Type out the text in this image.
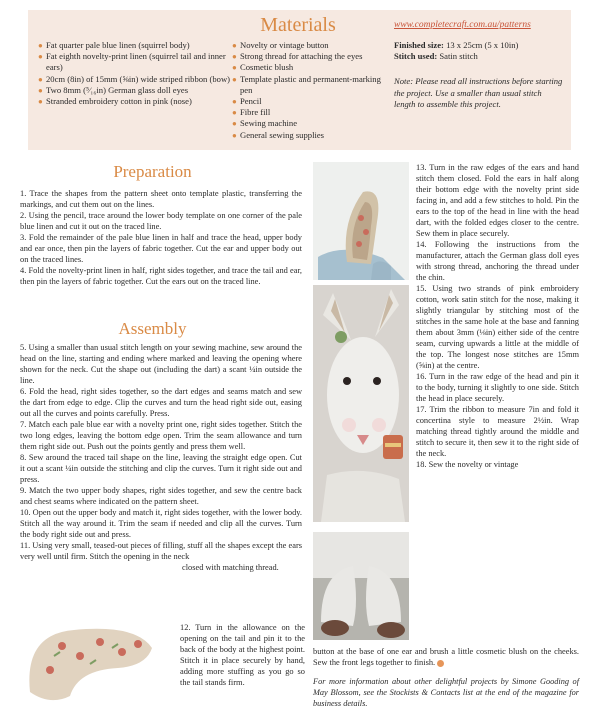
Materials	www.completecraft.com.au/patterns
● Fat quarter pale blue linen (squirrel body)
● Fat eighth novelty-print linen (squirrel tail and inner ears)
● 20cm (8in) of 15mm (⅝in) wide striped ribbon (bow)
● Two 8mm (⁵⁄₁₆in) German glass doll eyes
● Stranded embroidery cotton in pink (nose)
● Novelty or vintage button
● Strong thread for attaching the eyes
● Cosmetic blush
● Template plastic and permanent-marking pen
● Pencil
● Fibre fill
● Sewing machine
● General sewing supplies
Finished size: 13 x 25cm (5 x 10in)
Stitch used: Satin stitch
Note: Please read all instructions before starting the project. Use a smaller than usual stitch length to assemble this project.
Preparation
Assembly

1. Trace the shapes from the pattern sheet onto template plastic, transferring the markings, and cut them out on the lines.

2. Using the pencil, trace around the lower body template on one corner of the pale blue linen and cut it out on the traced line.

3. Fold the remainder of the pale blue linen in half and trace the head, upper body and ear once, then pin the layers of fabric together. Cut the ear and upper body out on the traced lines.

4. Fold the novelty-print linen in half, right sides together, and trace the tail and ear, then pin the layers of fabric together. Cut the ears out on the traced line.

5. Using a smaller than usual stitch length on your sewing machine, sew around the head on the line, starting and ending where marked and leaving the opening where shown for the neck. Cut the shape out (including the dart) a scant ¼in outside the line.

6. Fold the head, right sides together, so the dart edges and seams match and sew the dart from edge to edge. Clip the curves and turn the head right side out, easing out all the curves and points carefully. Press.

7. Match each pale blue ear with a novelty print one, right sides together. Stitch the two long edges, leaving the bottom edge open. Trim the seam allowance and turn them right side out. Push out the points gently and press them well.

8. Sew around the traced tail shape on the line, leaving the straight edge open. Cut it out a scant ¼in outside the stitching and clip the curves. Turn it right side out and press.

9. Match the two upper body shapes, right sides together, and sew the centre back and chest seams where indicated on the pattern sheet.

10. Open out the upper body and match it, right sides together, with the lower body. Stitch all the way around it. Trim the seam if needed and clip all the curves. Turn the body right side out and press.

11. Using very small, teased-out pieces of filling, stuff all the shapes except the ears very well until firm. Stitch the opening in the neck

closed with matching thread.

12. Turn in the allowance on the opening on the tail and pin it to the back of the body at the highest point. Stitch it in place securely by hand, adding more stuffing as you go so the tail stands firm.

13. Turn in the raw edges of the ears and hand stitch them closed. Fold the ears in half along their bottom edge with the novelty print side facing in, and add a few stitches to hold. Pin the ears to the top of the head in line with the head dart, with the folded edges closer to the centre. Sew them in place securely.

14. Following the instructions from the manufacturer, attach the German glass doll eyes with strong thread, anchoring the thread under the chin.

15. Using two strands of pink embroidery cotton, work satin stitch for the nose, making it slightly triangular by stitching most of the stitches in the same hole at the base and fanning them about 3mm (⅛in) either side of the centre seam, curving upwards a little at the middle of the top. The longest nose stitches are 15mm (⅝in) at the centre.

16. Turn in the raw edge of the head and pin it to the body, turning it slightly to one side. Stitch the head in place securely.

17. Trim the ribbon to measure 7in and fold it concertina style to measure 2½in. Wrap matching thread tightly around the middle and stitch to secure it, then sew it to the right side of the neck.

18. Sew the novelty or vintage

button at the base of one ear and brush a little cosmetic blush on the cheeks. Sew the front legs together to finish.
For more information about other delightful projects by Simone Gooding of May Blossom, see the Stockists & Contacts list at the end of the magazine for business details.
